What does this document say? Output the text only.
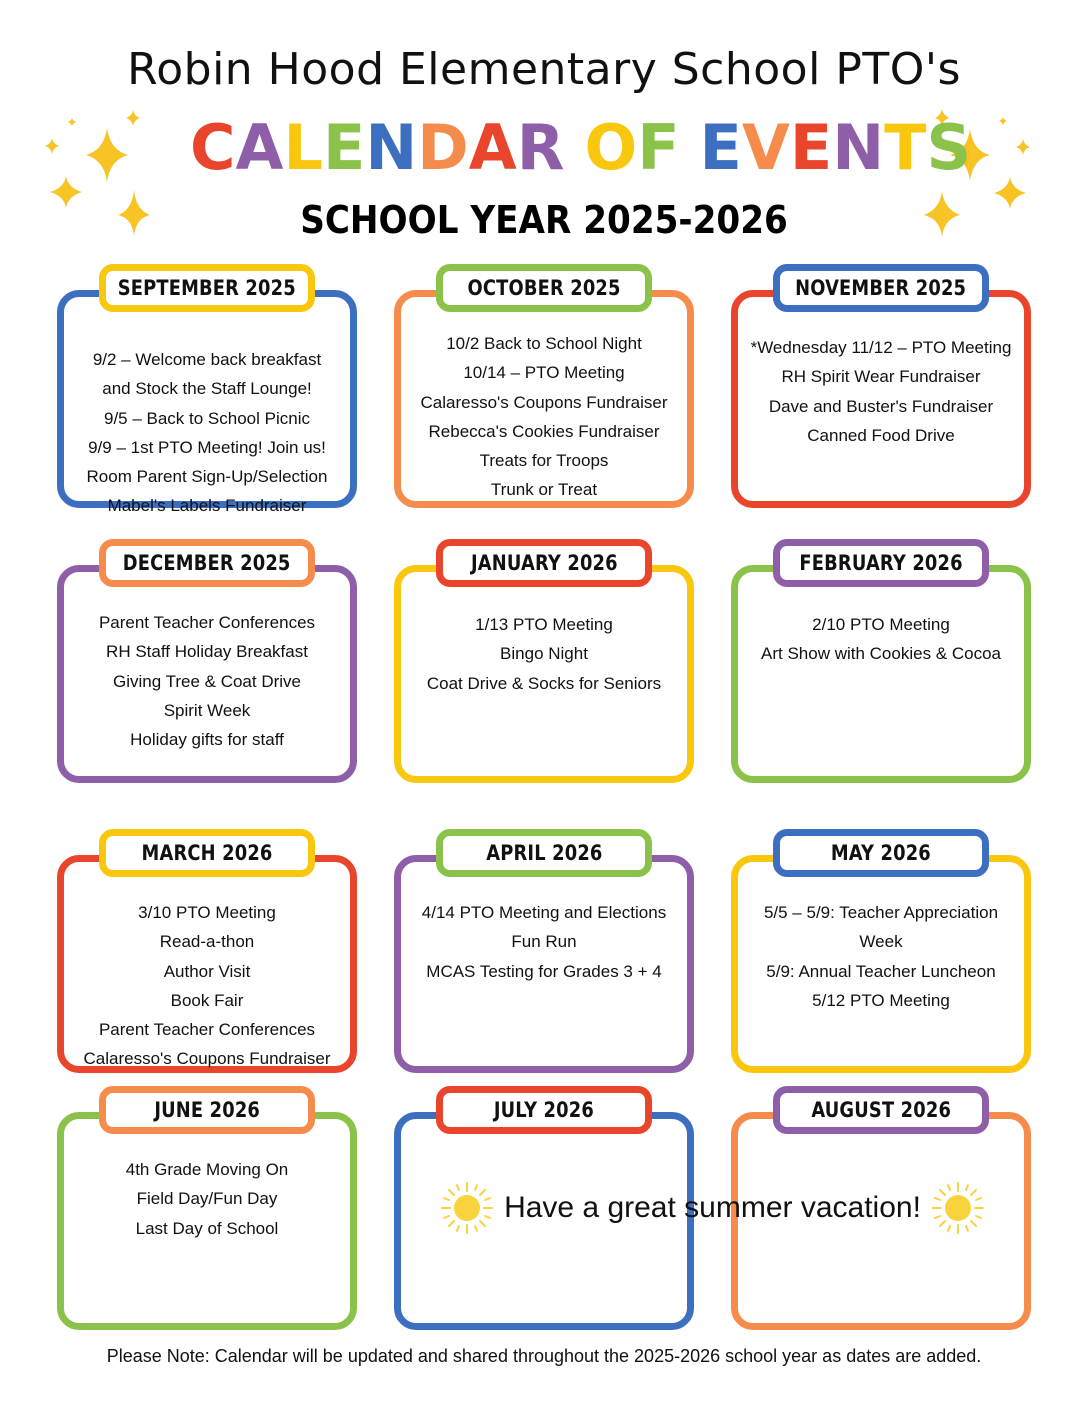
Robin Hood Elementary School PTO's
CALENDAR OF EVENTS
SCHOOL YEAR 2025-2026
9/2 – Welcome back breakfast
and Stock the Staff Lounge!
9/5 – Back to School Picnic
9/9 – 1st PTO Meeting! Join us!
Room Parent Sign-Up/Selection
Mabel's Labels Fundraiser
SEPTEMBER 2025
10/2 Back to School Night
10/14 – PTO Meeting
Calaresso's Coupons Fundraiser
Rebecca's Cookies Fundraiser
Treats for Troops
Trunk or Treat
OCTOBER 2025
*Wednesday 11/12 – PTO Meeting
RH Spirit Wear Fundraiser
Dave and Buster's Fundraiser
Canned Food Drive
NOVEMBER 2025
Parent Teacher Conferences
RH Staff Holiday Breakfast
Giving Tree & Coat Drive
Spirit Week
Holiday gifts for staff
DECEMBER 2025
1/13 PTO Meeting
Bingo Night
Coat Drive & Socks for Seniors
JANUARY 2026
2/10 PTO Meeting
Art Show with Cookies & Cocoa
FEBRUARY 2026
3/10 PTO Meeting
Read-a-thon
Author Visit
Book Fair
Parent Teacher Conferences
Calaresso's Coupons Fundraiser
MARCH 2026
4/14 PTO Meeting and Elections
Fun Run
MCAS Testing for Grades 3 + 4
APRIL 2026
5/5 – 5/9: Teacher Appreciation
Week
5/9: Annual Teacher Luncheon
5/12 PTO Meeting
MAY 2026
4th Grade Moving On
Field Day/Fun Day
Last Day of School
JUNE 2026	JULY 2026	AUGUST 2026
Have a great summer vacation!
Please Note: Calendar will be updated and shared throughout the 2025-2026 school year as dates are added.
